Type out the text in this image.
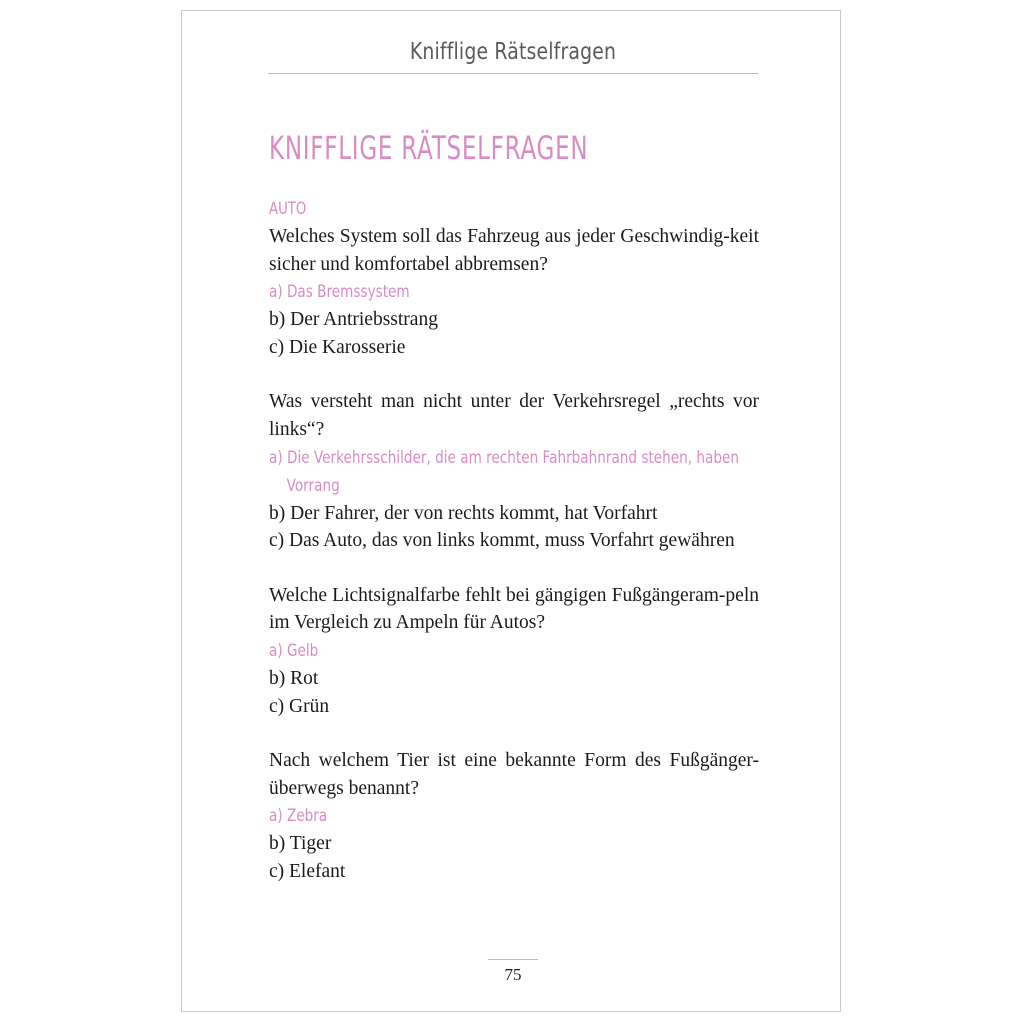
Knifflige Rätselfragen
KNIFFLIGE RÄTSELFRAGEN
AUTO
Welches System soll das Fahrzeug aus jeder Geschwindig-keit sicher und komfortabel abbremsen?
a) Das Bremssystem
b) Der Antriebsstrang
c) Die Karosserie
Was versteht man nicht unter der Verkehrsregel „rechts vor links“?
a) Die Verkehrsschilder, die am rechten Fahrbahnrand stehen, haben Vorrang
b) Der Fahrer, der von rechts kommt, hat Vorfahrt
c) Das Auto, das von links kommt, muss Vorfahrt gewähren
Welche Lichtsignalfarbe fehlt bei gängigen Fußgängeram-peln im Vergleich zu Ampeln für Autos?
a) Gelb
b) Rot
c) Grün
Nach welchem Tier ist eine bekannte Form des Fußgänger-überwegs benannt?
a) Zebra
b) Tiger
c) Elefant
75
